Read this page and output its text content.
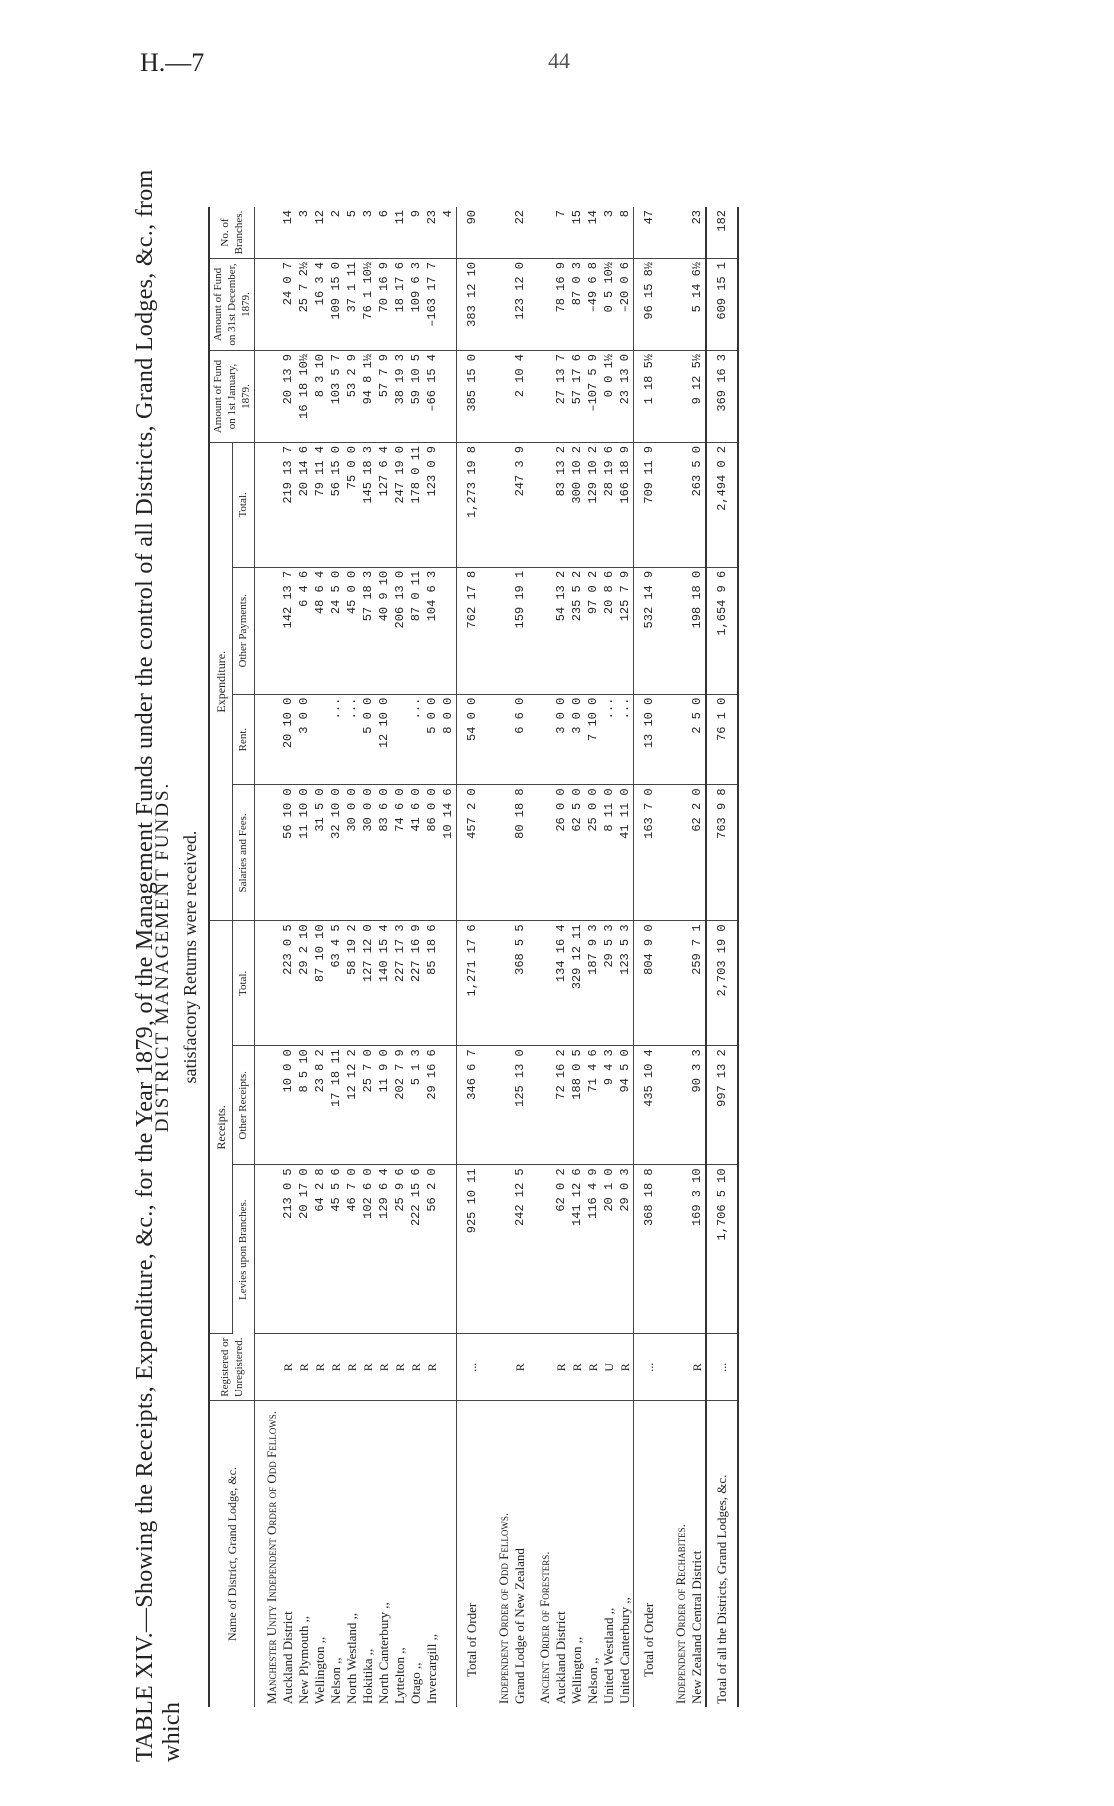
H.—7	44
TABLE XIV.—Showing the Receipts, Expenditure, &c., for the Year 1879, of the Management Funds under the control of all Districts, Grand Lodges, &c., from which
DISTRICT MANAGEMENT FUNDS. satisfactory Returns were received.
Name of District, Grand Lodge, &c.	Registered or Unregistered.	Receipts.			Expenditure.				Amount of Fund on 1st January, 1879.	Amount of Fund on 31st December, 1879.	No. of Branches.
		Levies upon Branches.	Other Receipts.	Total.	Salaries and Fees.	Rent.	Other Payments.	Total.			
Manchester Unity Independent Order of Odd Fellows.											
Auckland District	R	213 0 5	10 0 0	223 0 5	56 10 0	20 10 0	142 13 7	219 13 7	20 13 9	24 0 7	14
New Plymouth ,,	R	20 17 0	8 5 10	29 2 10	11 10 0	3 0 0	6 4 6	20 14 6	16 18 10½	25 7 2½	3
Wellington ,,	R	64 2 8	23 8 2	87 10 10	31 5 0		48 6 4	79 11 4	8 3 10	16 3 4	12
Nelson ,,	R	45 5 6	17 18 11	63 4 5	32 10 0	...	24 5 0	56 15 0	103 5 7	109 15 0	2
North Westland ,,	R	46 7 0	12 12 2	58 19 2	30 0 0	...	45 0 0	75 0 0	53 2 9	37 1 11	5
Hokitika ,,	R	102 6 0	25 7 0	127 12 0	30 0 0	5 0 0	57 18 3	145 18 3	94 8 1½	76 1 10½	3
North Canterbury ,,	R	129 6 4	11 9 0	140 15 4	83 6 0	12 10 0	40 9 10	127 6 4	57 7 9	70 16 9	6
Lyttelton ,,	R	25 9 6	202 7 9	227 17 3	74 6 0		206 13 0	247 19 0	38 19 3	18 17 6	11
Otago ,,	R	222 15 6	5 1 3	227 16 9	41 6 0	...	87 0 11	178 0 11	59 10 5	109 6 3	9
Invercargill ,,	R	56 2 0	29 16 6	85 18 6	86 0 0	5 0 0	104 6 3	123 0 9	–66 15 4	–163 17 7	23
					10 14 6	8 0 0					4
Total of Order	...	925 10 11	346 6 7	1,271 17 6	457 2 0	54 0 0	762 17 8	1,273 19 8	385 15 0	383 12 10	90
Independent Order of Odd Fellows.											
Grand Lodge of New Zealand	R	242 12 5	125 13 0	368 5 5	80 18 8	6 6 0	159 19 1	247 3 9	2 10 4	123 12 0	22
Ancient Order of Foresters.											
Auckland District	R	62 0 2	72 16 2	134 16 4	26 0 0	3 0 0	54 13 2	83 13 2	27 13 7	78 16 9	7
Wellington ,,	R	141 12 6	188 0 5	329 12 11	62 5 0	3 0 0	235 5 2	300 10 2	57 17 6	87 0 3	15
Nelson ,,	R	116 4 9	71 4 6	187 9 3	25 0 0	7 10 0	97 0 2	129 10 2	–107 5 9	–49 6 8	14
United Westland ,,	U	20 1 0	9 4 3	29 5 3	8 11 0	...	20 8 6	28 19 6	0 0 1½	0 5 10½	3
United Canterbury ,,	R	29 0 3	94 5 0	123 5 3	41 11 0	...	125 7 9	166 18 9	23 13 0	–20 0 6	8
Total of Order	...	368 18 8	435 10 4	804 9 0	163 7 0	13 10 0	532 14 9	709 11 9	1 18 5½	96 15 8½	47
Independent Order of Rechabites.											
New Zealand Central District	R	169 3 10	90 3 3	259 7 1	62 2 0	2 5 0	198 18 0	263 5 0	9 12 5½	5 14 6½	23
Total of all the Districts, Grand Lodges, &c.	...	1,706 5 10	997 13 2	2,703 19 0	763 9 8	76 1 0	1,654 9 6	2,494 0 2	369 16 3	609 15 1	182
